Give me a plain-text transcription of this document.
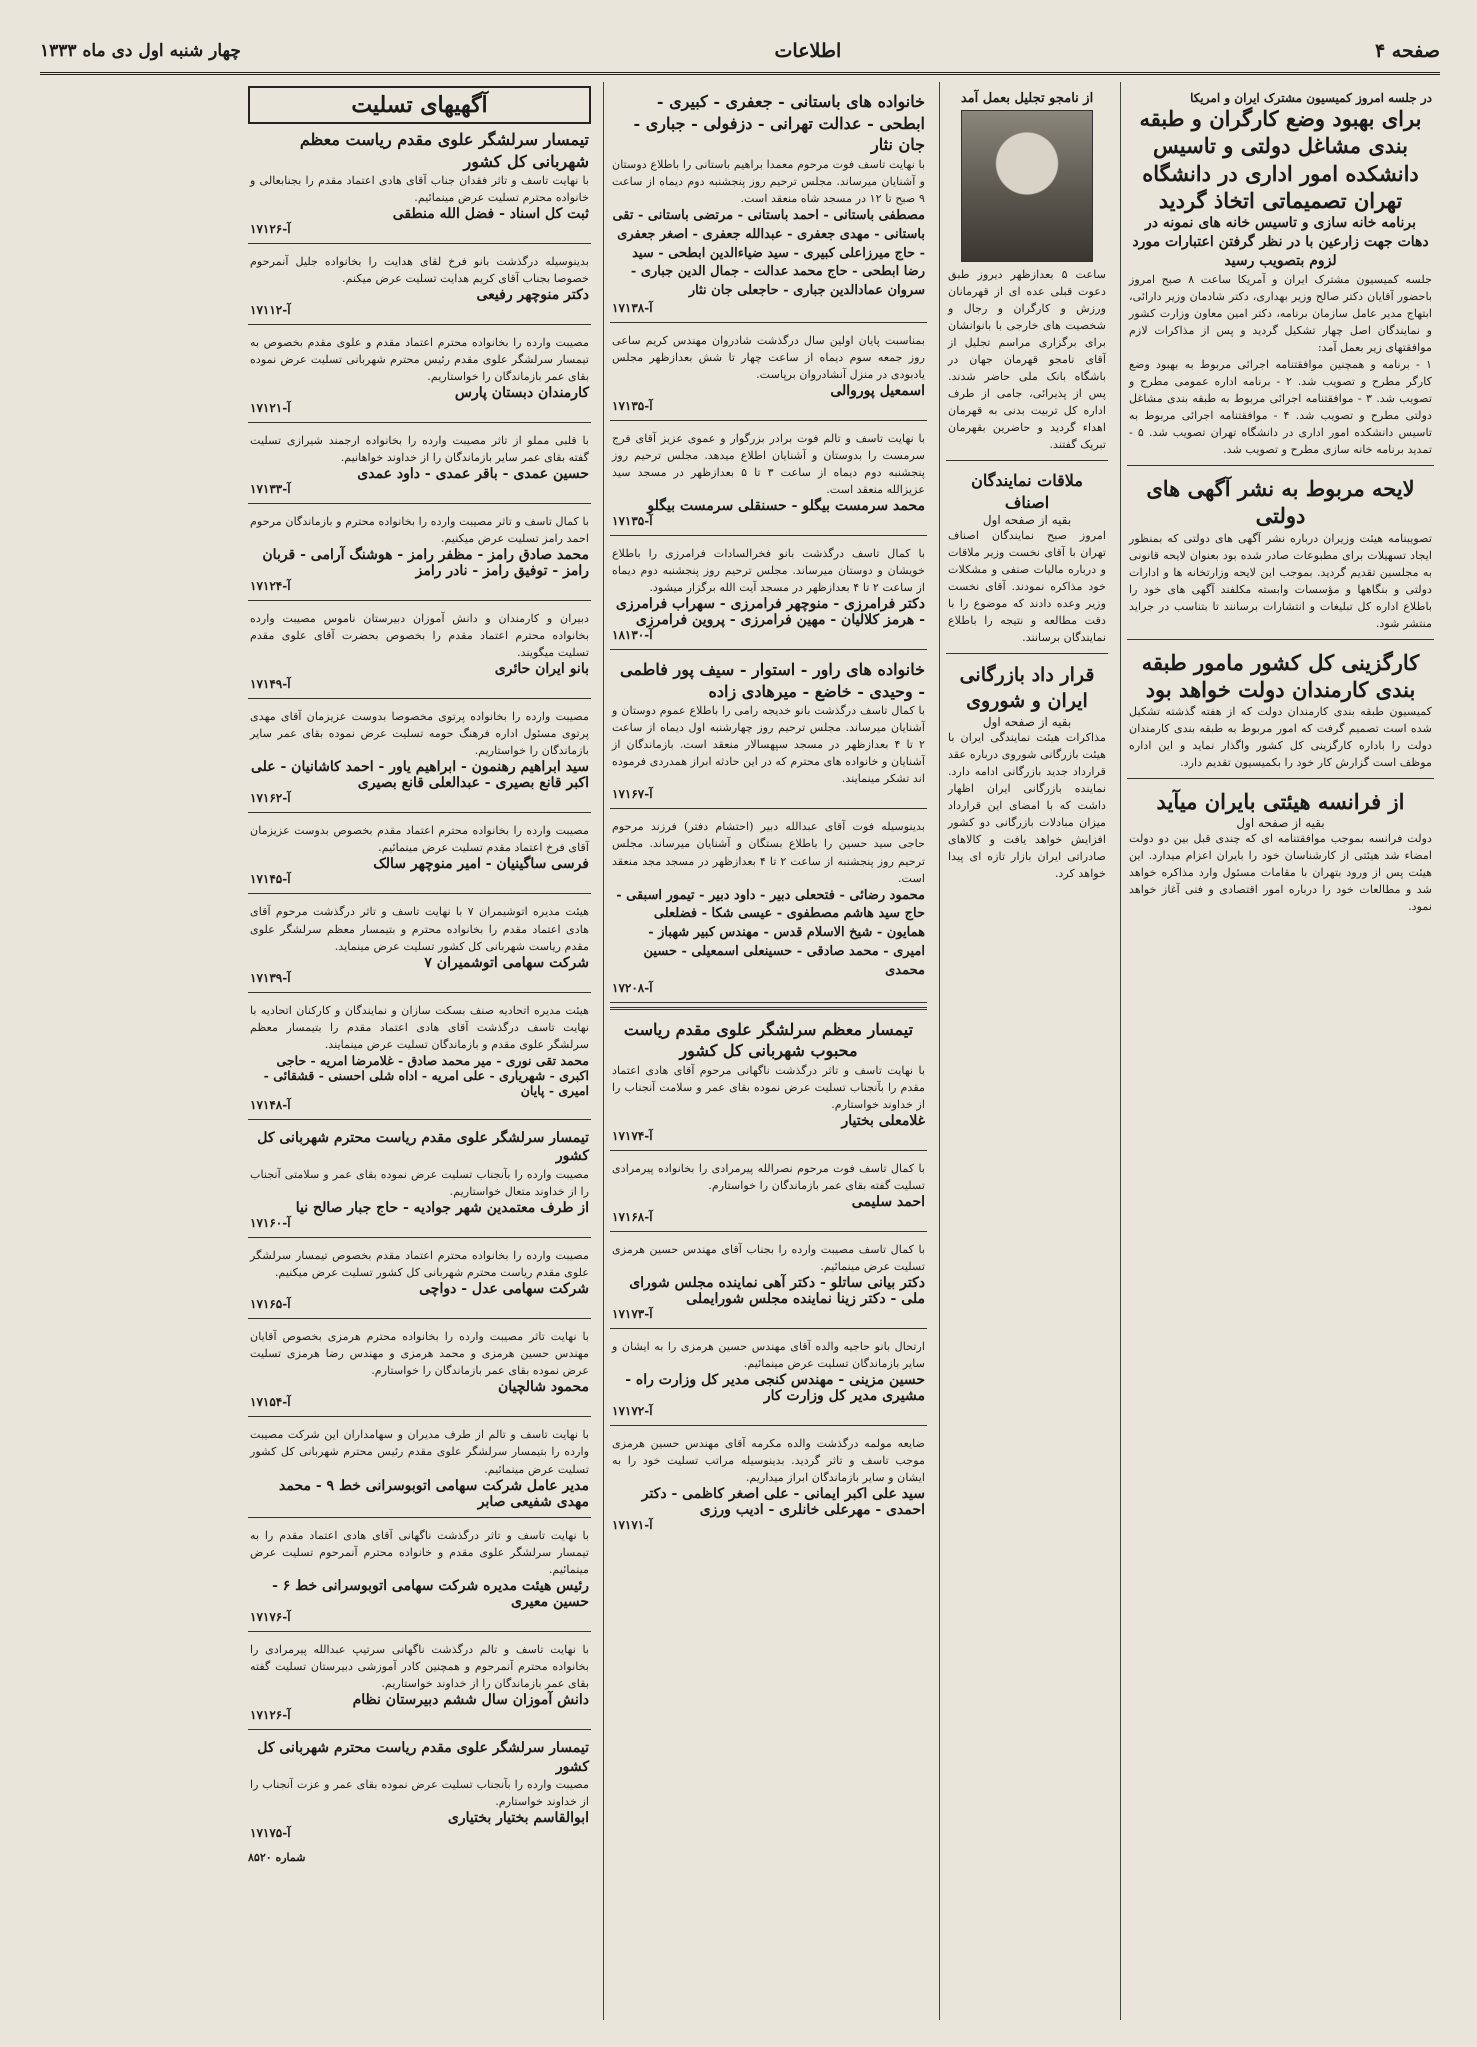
صفحه ۴
اطلاعات
چهار شنبه اول دی ماه ۱۳۳۳
در جلسه امروز کمیسیون مشترک ایران و امریکا
برای بهبود وضع کارگران و طبقه بندی مشاغل دولتی و تاسیس دانشکده امور اداری در دانشگاه تهران تصمیماتی اتخاذ گردید
برنامه خانه سازی و تاسیس خانه های نمونه در دهات جهت زارعین با در نظر گرفتن اعتبارات مورد لزوم بتصویب رسید
جلسه کمیسیون مشترک ایران و آمریکا ساعت ۸ صبح امروز باحضور آقایان دکتر صالح وزیر بهداری، دکتر شادمان وزیر دارائی، ابتهاج مدیر عامل سازمان برنامه، دکتر امین معاون وزارت کشور و نمایندگان اصل چهار تشکیل گردید و پس از مذاکرات لازم موافقتهای زیر بعمل آمد:
۱ - برنامه و همچنین موافقتنامه اجرائی مربوط به بهبود وضع کارگر مطرح و تصویب شد. ۲ - برنامه اداره عمومی مطرح و تصویب شد. ۳ - موافقتنامه اجرائی مربوط به طبقه بندی مشاغل دولتی مطرح و تصویب شد. ۴ - موافقتنامه اجرائی مربوط به تاسیس دانشکده امور اداری در دانشگاه تهران تصویب شد. ۵ - تمدید برنامه خانه سازی مطرح و تصویب شد.
لایحه مربوط به نشر آگهی های دولتی
تصویبنامه هیئت وزیران درباره نشر آگهی های دولتی که بمنظور ایجاد تسهیلات برای مطبوعات صادر شده بود بعنوان لایحه قانونی به مجلسین تقدیم گردید. بموجب این لایحه وزارتخانه ها و ادارات دولتی و بنگاهها و مؤسسات وابسته مکلفند آگهی های خود را باطلاع اداره کل تبلیغات و انتشارات برسانند تا بتناسب در جراید منتشر شود.
کارگزینی کل کشور مامور طبقه بندی کارمندان دولت خواهد بود
کمیسیون طبقه بندی کارمندان دولت که از هفته گذشته تشکیل شده است تصمیم گرفت که امور مربوط به طبقه بندی کارمندان دولت را باداره کارگزینی کل کشور واگذار نماید و این اداره موظف است گزارش کار خود را بکمیسیون تقدیم دارد.
از فرانسه هیئتی بایران میآید
بقیه از صفحه اول
دولت فرانسه بموجب موافقتنامه ای که چندی قبل بین دو دولت امضاء شد هیئتی از کارشناسان خود را بایران اعزام میدارد. این هیئت پس از ورود بتهران با مقامات مسئول وارد مذاکره خواهد شد و مطالعات خود را درباره امور اقتصادی و فنی آغاز خواهد نمود.
از نامجو تجلیل بعمل آمد
ساعت ۵ بعدازظهر دیروز طبق دعوت قبلی عده ای از قهرمانان ورزش و کارگران و رجال و شخصیت های خارجی با بانوانشان برای برگزاری مراسم تجلیل از آقای نامجو قهرمان جهان در باشگاه بانک ملی حاضر شدند. پس از پذیرائی، جامی از طرف اداره کل تربیت بدنی به قهرمان اهداء گردید و حاضرین بقهرمان تبریک گفتند.
ملاقات نمایندگان اصناف
بقیه از صفحه اول
امروز صبح نمایندگان اصناف تهران با آقای نخست وزیر ملاقات و درباره مالیات صنفی و مشکلات خود مذاکره نمودند. آقای نخست وزیر وعده دادند که موضوع را با دقت مطالعه و نتیجه را باطلاع نمایندگان برسانند.
قرار داد بازرگانی ایران و شوروی
بقیه از صفحه اول
مذاکرات هیئت نمایندگی ایران با هیئت بازرگانی شوروی درباره عقد قرارداد جدید بازرگانی ادامه دارد. نماینده بازرگانی ایران اظهار داشت که با امضای این قرارداد میزان مبادلات بازرگانی دو کشور افزایش خواهد یافت و کالاهای صادراتی ایران بازار تازه ای پیدا خواهد کرد.
خانواده های باستانی - جعفری - کبیری - ابطحی - عدالت تهرانی - دزفولی - جباری - جان نثار
با نهایت تاسف فوت مرحوم معمدا براهیم باستانی را باطلاع دوستان و آشنایان میرساند. مجلس ترحیم روز پنجشنبه دوم دیماه از ساعت ۹ صبح تا ۱۲ در مسجد شاه منعقد است.
مصطفی باستانی - احمد باستانی - مرتضی باستانی - تقی باستانی - مهدی جعفری - عبدالله جعفری - اصغر جعفری - حاج میرزاعلی کبیری - سید ضیاءالدین ابطحی - سید رضا ابطحی - حاج محمد عدالت - جمال الدین جباری - سروان عمادالدین جباری - حاجعلی جان نثار
آ-۱۷۱۳۸
بمناسبت پایان اولین سال درگذشت شادروان مهندس کریم ساعی روز جمعه سوم دیماه از ساعت چهار تا شش بعدازظهر مجلس یادبودی در منزل آنشادروان برپاست.
اسمعیل پوروالی
۱۷۱۳۵-آ
با نهایت تاسف و تالم فوت برادر بزرگوار و عموی عزیز آقای فرج سرمست را بدوستان و آشنایان اطلاع میدهد. مجلس ترحیم روز پنجشنبه دوم دیماه از ساعت ۳ تا ۵ بعدازظهر در مسجد سید عزیزالله منعقد است.
محمد سرمست بیگلو - حسنقلی سرمست بیگلو
آ-۱۷۱۳۵
با کمال تاسف درگذشت بانو فخرالسادات فرامرزی را باطلاع خویشان و دوستان میرساند. مجلس ترحیم روز پنجشنبه دوم دیماه از ساعت ۲ تا ۴ بعدازظهر در مسجد آیت الله برگزار میشود.
دکتر فرامرزی - منوچهر فرامرزی - سهراب فرامرزی - هرمز کلالیان - مهین فرامرزی - پروین فرامرزی
آ-۱۸۱۳۰
خانواده های راور - استوار - سیف پور فاطمی - وحیدی - خاضع - میرهادی زاده
با کمال تاسف درگذشت بانو خدیجه رامی را باطلاع عموم دوستان و آشنایان میرساند. مجلس ترحیم روز چهارشنبه اول دیماه از ساعت ۲ تا ۴ بعدازظهر در مسجد سپهسالار منعقد است. بازماندگان از آشنایان و خانواده های محترم که در این حادثه ابراز همدردی فرموده اند تشکر مینمایند.
آ-۱۷۱۶۷
بدینوسیله فوت آقای عبدالله دبیر (احتشام دفتر) فرزند مرحوم حاجی سید حسین را باطلاع بستگان و آشنایان میرساند. مجلس ترحیم روز پنجشنبه از ساعت ۲ تا ۴ بعدازظهر در مسجد مجد منعقد است.
محمود رضائی - فتحعلی دبیر - داود دبیر - تیمور اسبقی - حاج سید هاشم مصطفوی - عیسی شکا - فضلعلی همایون - شیخ الاسلام قدس - مهندس کبیر شهباز - امیری - محمد صادقی - حسینعلی اسمعیلی - حسین محمدی
آ-۱۷۲۰۸
تیمسار معظم سرلشگر علوی مقدم ریاست محبوب شهربانی کل کشور
با نهایت تاسف و تاثر درگذشت ناگهانی مرحوم آقای هادی اعتماد مقدم را بآنجناب تسلیت عرض نموده بقای عمر و سلامت آنجناب را از خداوند خواستارم.
غلامعلی بختیار
آ-۱۷۱۷۴
با کمال تاسف فوت مرحوم نصرالله پیرمرادی را بخانواده پیرمرادی تسلیت گفته بقای عمر بازماندگان را خواستارم.
احمد سلیمی
آ-۱۷۱۶۸
با کمال تاسف مصیبت وارده را بجناب آقای مهندس حسین هرمزی تسلیت عرض مینمائیم.
دکتر بیانی ساتلو - دکتر آهی نماینده مجلس شورای ملی - دکتر زینا نماینده مجلس شورایملی
آ-۱۷۱۷۳
ارتحال بانو حاجیه والده آقای مهندس حسین هرمزی را به ایشان و سایر بازماندگان تسلیت عرض مینمائیم.
حسین مزینی - مهندس کنجی مدیر کل وزارت راه - مشیری مدیر کل وزارت کار
آ-۱۷۱۷۲
ضایعه مولمه درگذشت والده مکرمه آقای مهندس حسین هرمزی موجب تاسف و تاثر گردید. بدینوسیله مراتب تسلیت خود را به ایشان و سایر بازماندگان ابراز میداریم.
سید علی اکبر ایمانی - علی اصغر کاظمی - دکتر احمدی - مهرعلی خانلری - ادیب ورزی
آ-۱۷۱۷۱
آگهیهای تسلیت
تیمسار سرلشگر علوی مقدم ریاست معظم شهربانی کل کشور
با نهایت تاسف و تاثر فقدان جناب آقای هادی اعتماد مقدم را بجنابعالی و خانواده محترم تسلیت عرض مینمائیم.
ثبت کل اسناد - فضل الله منطقی
آ-۱۷۱۲۶
بدینوسیله درگذشت بانو فرخ لقای هدایت را بخانواده جلیل آنمرحوم خصوصا بجناب آقای کریم هدایت تسلیت عرض میکنم.
دکتر منوچهر رفیعی
آ-۱۷۱۱۲
مصیبت وارده را بخانواده محترم اعتماد مقدم و علوی مقدم بخصوص به تیمسار سرلشگر علوی مقدم رئیس محترم شهربانی تسلیت عرض نموده بقای عمر بازماندگان را خواستاریم.
کارمندان دبستان پارس
آ-۱۷۱۲۱
با قلبی مملو از تاثر مصیبت وارده را بخانواده ارجمند شیرازی تسلیت گفته بقای عمر سایر بازماندگان را از خداوند خواهانیم.
حسین عمدی - باقر عمدی - داود عمدی
آ-۱۷۱۳۳
با کمال تاسف و تاثر مصیبت وارده را بخانواده محترم و بازماندگان مرحوم احمد رامز تسلیت عرض میکنیم.
محمد صادق رامز - مظفر رامز - هوشنگ آرامی - قربان رامز - توفیق رامز - نادر رامز
آ-۱۷۱۲۴
دبیران و کارمندان و دانش آموزان دبیرستان ناموس مصیبت وارده بخانواده محترم اعتماد مقدم را بخصوص بحضرت آقای علوی مقدم تسلیت میگویند.
بانو ایران حائری
آ-۱۷۱۴۹
مصیبت وارده را بخانواده پرتوی مخصوصا بدوست عزیزمان آقای مهدی پرتوی مسئول اداره فرهنگ حومه تسلیت عرض نموده بقای عمر سایر بازماندگان را خواستاریم.
سید ابراهیم رهنمون - ابراهیم یاور - احمد کاشانیان - علی اکبر قانع بصیری - عبدالعلی قانع بصیری
آ-۱۷۱۶۲
مصیبت وارده را بخانواده محترم اعتماد مقدم بخصوص بدوست عزیزمان آقای فرخ اعتماد مقدم تسلیت عرض مینمائیم.
فرسی ساگینیان - امیر منوچهر سالک
آ-۱۷۱۴۵
هیئت مدیره اتوشیمران ۷ با نهایت تاسف و تاثر درگذشت مرحوم آقای هادی اعتماد مقدم را بخانواده محترم و بتیمسار معظم سرلشگر علوی مقدم ریاست شهربانی کل کشور تسلیت عرض مینماید.
شرکت سهامی اتوشمیران ۷
آ-۱۷۱۳۹
هیئت مدیره اتحادیه صنف بسکت سازان و نمایندگان و کارکنان اتحادیه با نهایت تاسف درگذشت آقای هادی اعتماد مقدم را بتیمسار معظم سرلشگر علوی مقدم و بازماندگان تسلیت عرض مینمایند.
محمد تقی نوری - میر محمد صادق - غلامرضا امریه - حاجی اکبری - شهریاری - علی امریه - اداه شلی احسنی - قشقائی - امیری - پایان
آ-۱۷۱۴۸
تیمسار سرلشگر علوی مقدم ریاست محترم شهربانی کل کشور
مصیبت وارده را بآنجناب تسلیت عرض نموده بقای عمر و سلامتی آنجناب را از خداوند متعال خواستاریم.
از طرف معتمدین شهر جوادیه - حاج جبار صالح نیا
آ-۱۷۱۶۰
مصیبت وارده را بخانواده محترم اعتماد مقدم بخصوص تیمسار سرلشگر علوی مقدم ریاست محترم شهربانی کل کشور تسلیت عرض میکنیم.
شرکت سهامی عدل - دواچی
آ-۱۷۱۶۵
با نهایت تاثر مصیبت وارده را بخانواده محترم هرمزی بخصوص آقایان مهندس حسین هرمزی و محمد هرمزی و مهندس رضا هرمزی تسلیت عرض نموده بقای عمر بازماندگان را خواستارم.
محمود شالچیان
آ-۱۷۱۵۴
با نهایت تاسف و تالم از طرف مدیران و سهامداران این شرکت مصیبت وارده را بتیمسار سرلشگر علوی مقدم رئیس محترم شهربانی کل کشور تسلیت عرض مینمائیم.
مدیر عامل شرکت سهامی اتوبوسرانی خط ۹ - محمد مهدی شفیعی صابر
با نهایت تاسف و تاثر درگذشت ناگهانی آقای هادی اعتماد مقدم را به تیمسار سرلشگر علوی مقدم و خانواده محترم آنمرحوم تسلیت عرض مینمائیم.
رئیس هیئت مدیره شرکت سهامی اتوبوسرانی خط ۶ - حسین معیری
آ-۱۷۱۷۶
با نهایت تاسف و تالم درگذشت ناگهانی سرتیپ عبدالله پیرمرادی را بخانواده محترم آنمرحوم و همچنین کادر آموزشی دبیرستان تسلیت گفته بقای عمر بازماندگان را از خداوند خواستاریم.
دانش آموزان سال ششم دبیرستان نظام
آ-۱۷۱۲۶
تیمسار سرلشگر علوی مقدم ریاست محترم شهربانی کل کشور
مصیبت وارده را بآنجناب تسلیت عرض نموده بقای عمر و عزت آنجناب را از خداوند خواستارم.
ابوالقاسم بختیار بختیاری
آ-۱۷۱۷۵
شماره ۸۵۲۰
